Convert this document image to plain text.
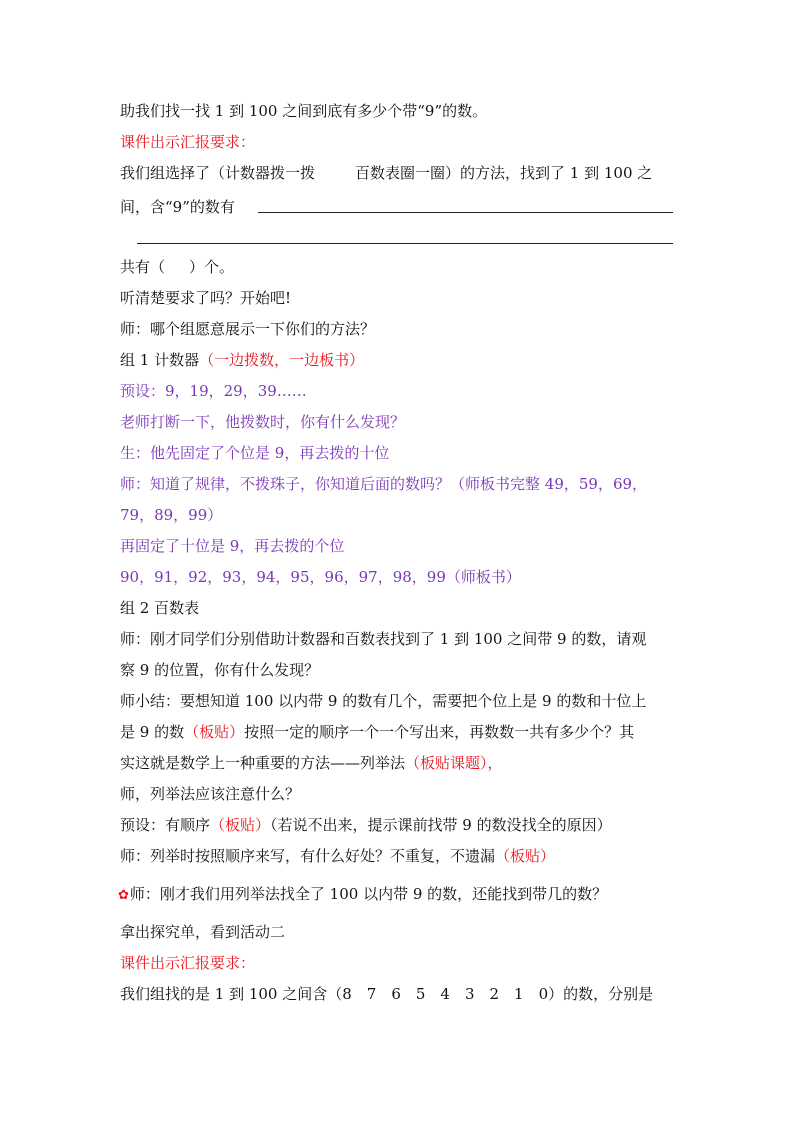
助我们找一找 1 到 100 之间到底有多少个带“9”的数。
课件出示汇报要求：
我们组选择了（计数器拨一拨	百数表圈一圈）的方法，找到了 1 到 100 之
间，含“9”的数有
共有（ ）个。
听清楚要求了吗？开始吧!
师：哪个组愿意展示一下你们的方法？
组 1 计数器（一边拨数，一边板书）
预设：9，19，29，39……
老师打断一下，他拨数时，你有什么发现？
生：他先固定了个位是 9，再去拨的十位
师：知道了规律，不拨珠子，你知道后面的数吗？（师板书完整 49，59，69，
79，89，99）
再固定了十位是 9，再去拨的个位
90，91，92，93，94，95，96，97，98，99（师板书）
组 2 百数表
师：刚才同学们分别借助计数器和百数表找到了 1 到 100 之间带 9 的数，请观
察 9 的位置，你有什么发现？
师小结：要想知道 100 以内带 9 的数有几个，需要把个位上是 9 的数和十位上
是 9 的数（板贴）按照一定的顺序一个一个写出来，再数数一共有多少个？其
实这就是数学上一种重要的方法——列举法（板贴课题），
师，列举法应该注意什么？
预设：有顺序（板贴）（若说不出来，提示课前找带 9 的数没找全的原因）
师：列举时按照顺序来写，有什么好处？不重复，不遗漏（板贴）
✿师：刚才我们用列举法找全了 100 以内带 9 的数，还能找到带几的数？
拿出探究单，看到活动二
课件出示汇报要求：
我们组找的是 1 到 100 之间含（8　7　6　5　4　3　2　1　0）的数，分别是
